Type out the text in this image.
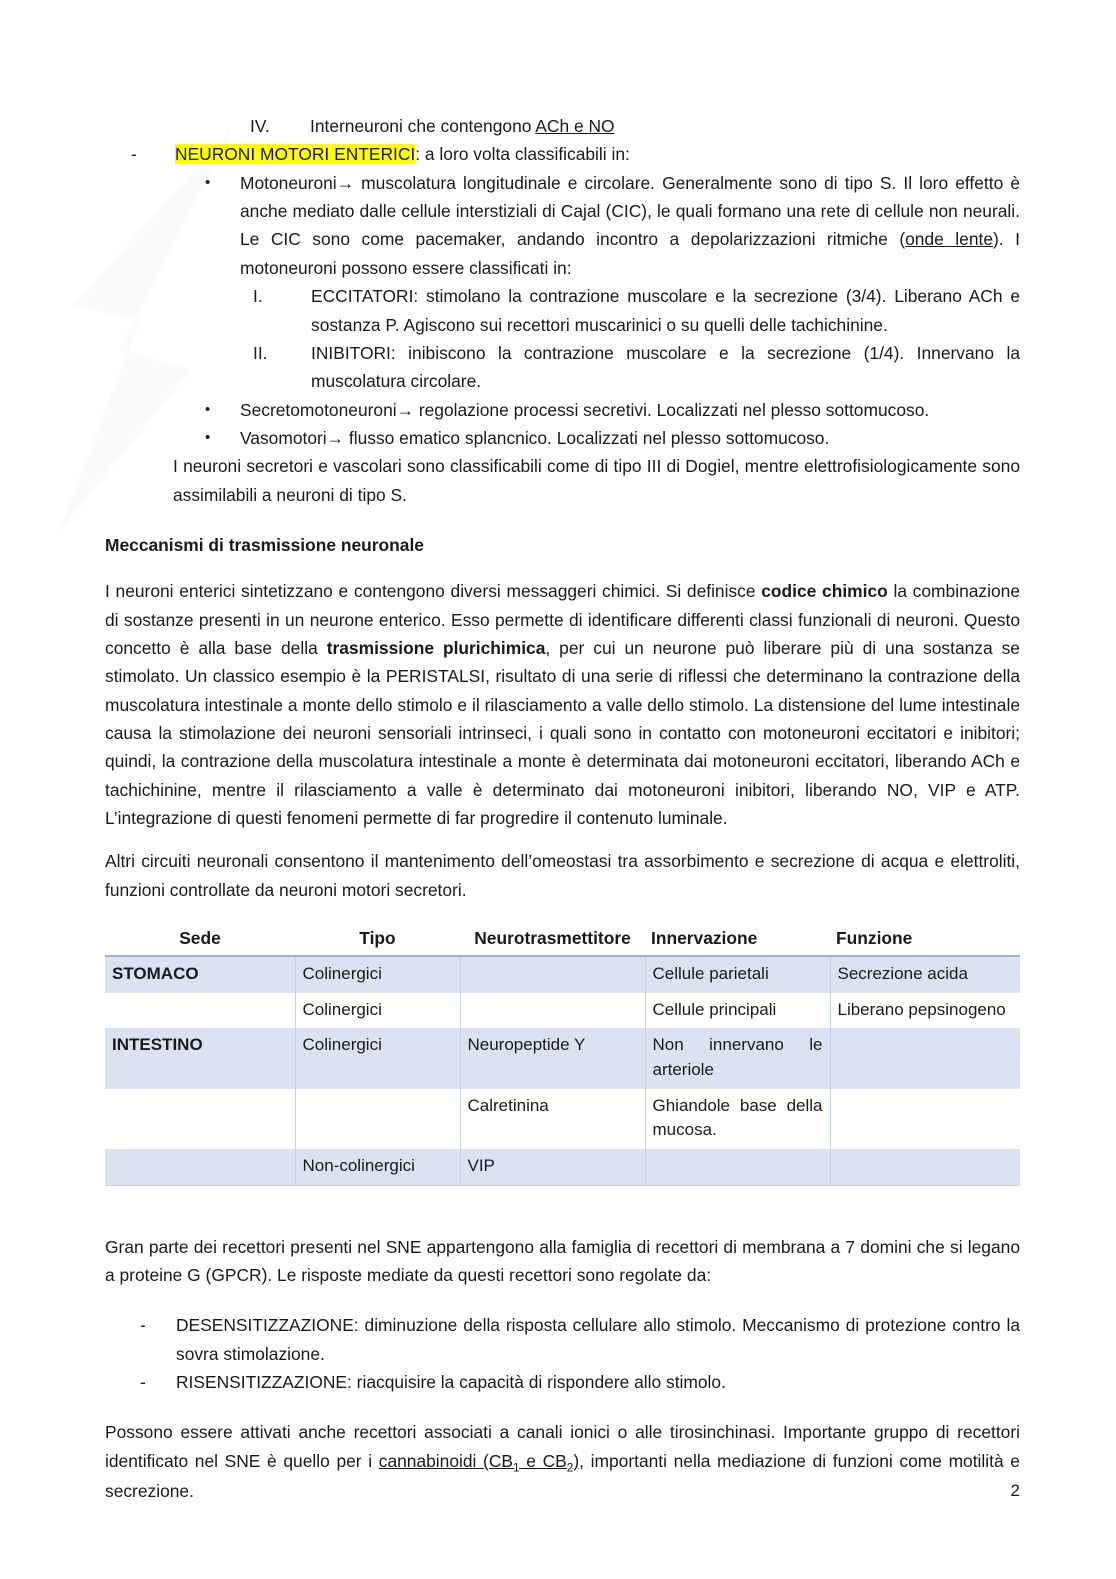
IV.	Interneuroni che contengono ACh e NO
-	NEURONI MOTORI ENTERICI: a loro volta classificabili in:
•	Motoneuroni→ muscolatura longitudinale e circolare. Generalmente sono di tipo S. Il loro effetto è anche mediato dalle cellule interstiziali di Cajal (CIC), le quali formano una rete di cellule non neurali. Le CIC sono come pacemaker, andando incontro a depolarizzazioni ritmiche (onde lente). I motoneuroni possono essere classificati in:
I.	ECCITATORI: stimolano la contrazione muscolare e la secrezione (3/4). Liberano ACh e sostanza P. Agiscono sui recettori muscarinici o su quelli delle tachichinine.
II.	INIBITORI: inibiscono la contrazione muscolare e la secrezione (1/4). Innervano la muscolatura circolare.
•	Secretomotoneuroni→ regolazione processi secretivi. Localizzati nel plesso sottomucoso.
•	Vasomotori→ flusso ematico splancnico. Localizzati nel plesso sottomucoso.
I neuroni secretori e vascolari sono classificabili come di tipo III di Dogiel, mentre elettrofisiologicamente sono assimilabili a neuroni di tipo S.
Meccanismi di trasmissione neuronale

I neuroni enterici sintetizzano e contengono diversi messaggeri chimici. Si definisce codice chimico la combinazione di sostanze presenti in un neurone enterico. Esso permette di identificare differenti classi funzionali di neuroni. Questo concetto è alla base della trasmissione plurichimica, per cui un neurone può liberare più di una sostanza se stimolato. Un classico esempio è la PERISTALSI, risultato di una serie di riflessi che determinano la contrazione della muscolatura intestinale a monte dello stimolo e il rilasciamento a valle dello stimolo. La distensione del lume intestinale causa la stimolazione dei neuroni sensoriali intrinseci, i quali sono in contatto con motoneuroni eccitatori e inibitori; quindi, la contrazione della muscolatura intestinale a monte è determinata dai motoneuroni eccitatori, liberando ACh e tachichinine, mentre il rilasciamento a valle è determinato dai motoneuroni inibitori, liberando NO, VIP e ATP. L’integrazione di questi fenomeni permette di far progredire il contenuto luminale.

Altri circuiti neuronali consentono il mantenimento dell’omeostasi tra assorbimento e secrezione di acqua e elettroliti, funzioni controllate da neuroni motori secretori.

Sede	Tipo	Neurotrasmettitore	Innervazione	Funzione
STOMACO	Colinergici		Cellule parietali	Secrezione acida
	Colinergici		Cellule principali	Liberano pepsinogeno
INTESTINO	Colinergici	Neuropeptide Y	Non innervano le arteriole	
		Calretinina	Ghiandole base della mucosa.	
	Non-colinergici	VIP		

Gran parte dei recettori presenti nel SNE appartengono alla famiglia di recettori di membrana a 7 domini che si legano a proteine G (GPCR). Le risposte mediate da questi recettori sono regolate da:

-	DESENSITIZZAZIONE: diminuzione della risposta cellulare allo stimolo. Meccanismo di protezione contro la sovra stimolazione.
-	RISENSITIZZAZIONE: riacquisire la capacità di rispondere allo stimolo.

Possono essere attivati anche recettori associati a canali ionici o alle tirosinchinasi. Importante gruppo di recettori identificato nel SNE è quello per i cannabinoidi ($CB_1$ e $CB_2$), importanti nella mediazione di funzioni come motilità e secrezione.	2
